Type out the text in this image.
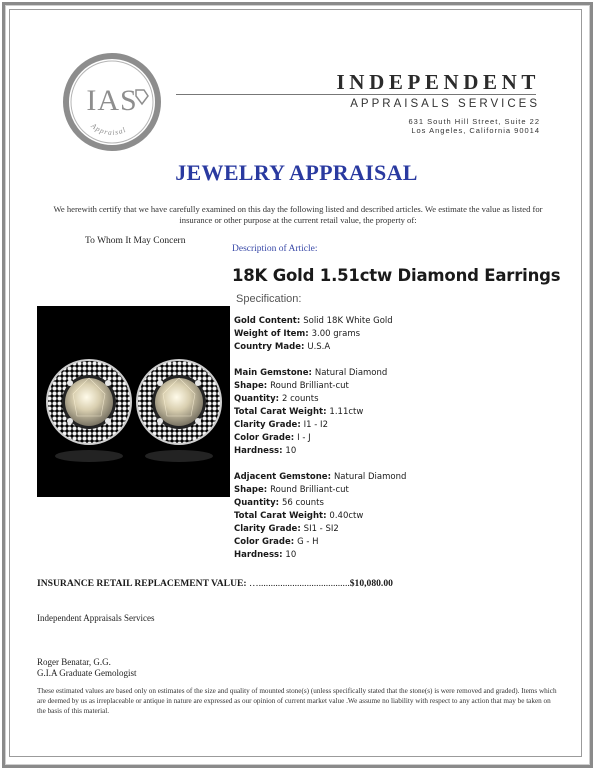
IAS
Appraisal
INDEPENDENT
APPRAISALS SERVICES
631 South Hill Street, Suite 22
Los Angeles, California 90014
JEWELRY APPRAISAL
We herewith certify that we have carefully examined on this day the following listed and described articles. We estimate the value as listed for insurance or other purpose at the current retail value, the property of:
To Whom It May Concern
Description of Article:
18K Gold 1.51ctw Diamond Earrings
Specification:
Gold Content: Solid 18K White Gold
Weight of Item: 3.00 grams
Country Made: U.S.A
Main Gemstone: Natural Diamond
Shape: Round Brilliant-cut
Quantity: 2 counts
Total Carat Weight: 1.11ctw
Clarity Grade: I1 - I2
Color Grade: I - J
Hardness: 10
Adjacent Gemstone: Natural Diamond
Shape: Round Brilliant-cut
Quantity: 56 counts
Total Carat Weight: 0.40ctw
Clarity Grade: SI1 - SI2
Color Grade: G - H
Hardness: 10
INSURANCE RETAIL REPLACEMENT VALUE: …......................................$10,080.00
Independent Appraisals Services
Roger Benatar, G.G.
G.I.A Graduate Gemologist
These estimated values are based only on estimates of the size and quality of mounted stone(s) (unless specifically stated that the stone(s) is were removed and graded). Items which are deemed by us as irreplaceable or antique in nature are expressed as our opinion of current market value .We assume no liability with respect to any action that may be taken on the basis of this material.
